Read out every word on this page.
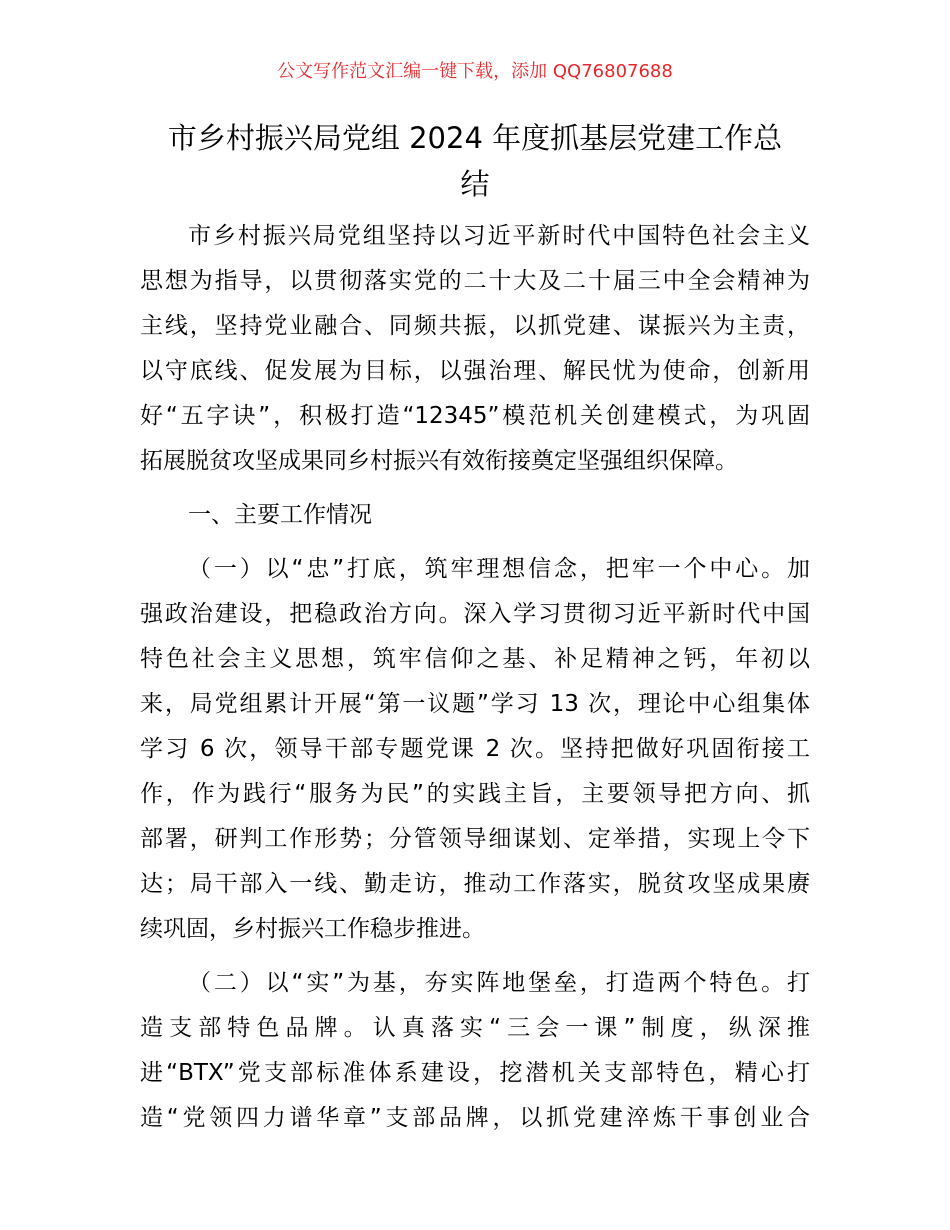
公文写作范文汇编一键下载，添加 QQ76807688
市乡村振兴局党组 2024 年度抓基层党建工作总
结
市乡村振兴局党组坚持以习近平新时代中国特色社会主义
思想为指导，以贯彻落实党的二十大及二十届三中全会精神为
主线，坚持党业融合、同频共振，以抓党建、谋振兴为主责，
以守底线、促发展为目标，以强治理、解民忧为使命，创新用
好“五字诀”，积极打造“12345”模范机关创建模式，为巩固
拓展脱贫攻坚成果同乡村振兴有效衔接奠定坚强组织保障。
一、主要工作情况
（一）以“忠”打底，筑牢理想信念，把牢一个中心。加
强政治建设，把稳政治方向。深入学习贯彻习近平新时代中国
特色社会主义思想，筑牢信仰之基、补足精神之钙，年初以
来，局党组累计开展“第一议题”学习 13 次，理论中心组集体
学习 6 次，领导干部专题党课 2 次。坚持把做好巩固衔接工
作，作为践行“服务为民”的实践主旨，主要领导把方向、抓
部署，研判工作形势；分管领导细谋划、定举措，实现上令下
达；局干部入一线、勤走访，推动工作落实，脱贫攻坚成果赓
续巩固，乡村振兴工作稳步推进。
（二）以“实”为基，夯实阵地堡垒，打造两个特色。打
造支部特色品牌。认真落实“三会一课”制度，纵深推
进“BTX”党支部标准体系建设，挖潜机关支部特色，精心打
造“党领四力谱华章”支部品牌，以抓党建淬炼干事创业合
